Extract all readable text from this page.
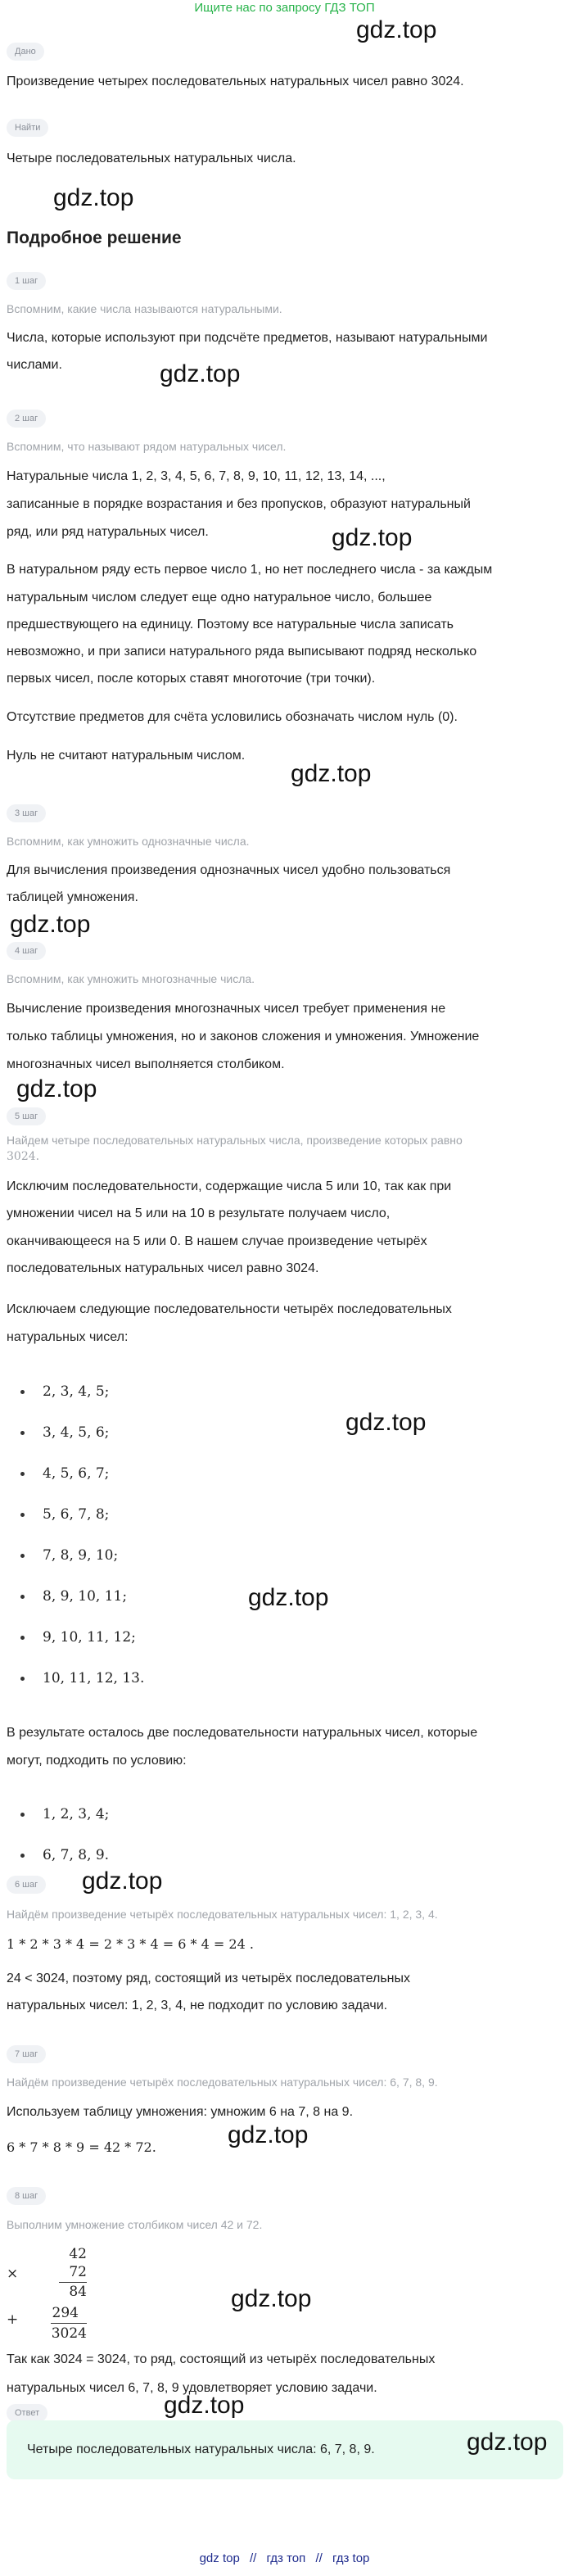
Ищите нас по запросу ГДЗ ТОП
gdz.top
Дано
Произведение четырех последовательных натуральных чисел равно 3024.
Найти
Четыре последовательных натуральных числа.
gdz.top
Подробное решение
1 шаг
Вспомним, какие числа называются натуральными.
Числа, которые используют при подсчёте предметов, называют натуральными
числами.	gdz.top
2 шаг
Вспомним, что называют рядом натуральных чисел.
Натуральные числа 1, 2, 3, 4, 5, 6, 7, 8, 9, 10, 11, 12, 13, 14, ...,
записанные в порядке возрастания и без пропусков, образуют натуральный
ряд, или ряд натуральных чисел.	gdz.top
В натуральном ряду есть первое число 1, но нет последнего числа - за каждым
натуральным числом следует еще одно натуральное число, большее
предшествующего на единицу. Поэтому все натуральные числа записать
невозможно, и при записи натурального ряда выписывают подряд несколько
первых чисел, после которых ставят многоточие (три точки).
Отсутствие предметов для счёта условились обозначать числом нуль (0).
Нуль не считают натуральным числом.
gdz.top
3 шаг
Вспомним, как умножить однозначные числа.
Для вычисления произведения однозначных чисел удобно пользоваться
таблицей умножения.
gdz.top
4 шаг
Вспомним, как умножить многозначные числа.
Вычисление произведения многозначных чисел требует применения не
только таблицы умножения, но и законов сложения и умножения. Умножение
многозначных чисел выполняется столбиком.
gdz.top
5 шаг
Найдем четыре последовательных натуральных числа, произведение которых равно
3024.
Исключим последовательности, содержащие числа 5 или 10, так как при
умножении чисел на 5 или на 10 в результате получаем число,
оканчивающееся на 5 или 0. В нашем случае произведение четырёх
последовательных натуральных чисел равно 3024.
Исключаем следующие последовательности четырёх последовательных
натуральных чисел:
2, 3, 4, 5;
3, 4, 5, 6;	gdz.top
4, 5, 6, 7;
5, 6, 7, 8;
7, 8, 9, 10;
gdz.top
8, 9, 10, 11;
9, 10, 11, 12;
10, 11, 12, 13.
В результате осталось две последовательности натуральных чисел, которые
могут, подходить по условию:
1, 2, 3, 4;
6, 7, 8, 9.
gdz.top
6 шаг
Найдём произведение четырёх последовательных натуральных чисел: 1, 2, 3, 4.
1 * 2 * 3 * 4 = 2 * 3 * 4 = 6 * 4 = 24 .
24 < 3024, поэтому ряд, состоящий из четырёх последовательных
натуральных чисел: 1, 2, 3, 4, не подходит по условию задачи.
7 шаг
Найдём произведение четырёх последовательных натуральных чисел: 6, 7, 8, 9.
Используем таблицу умножения: умножим 6 на 7, 8 на 9.
6 * 7 * 8 * 9 = 42 * 72.	gdz.top
8 шаг
Выполним умножение столбиком чисел 42 и 72.
×
42
72
84
+	294
3024
gdz.top
Так как 3024 = 3024, то ряд, состоящий из четырёх последовательных
натуральных чисел 6, 7, 8, 9 удовлетворяет условию задачи.
gdz.top
Ответ
Четыре последовательных натуральных числа: 6, 7, 8, 9.	gdz.top
gdz top // гдз топ // гдз top
